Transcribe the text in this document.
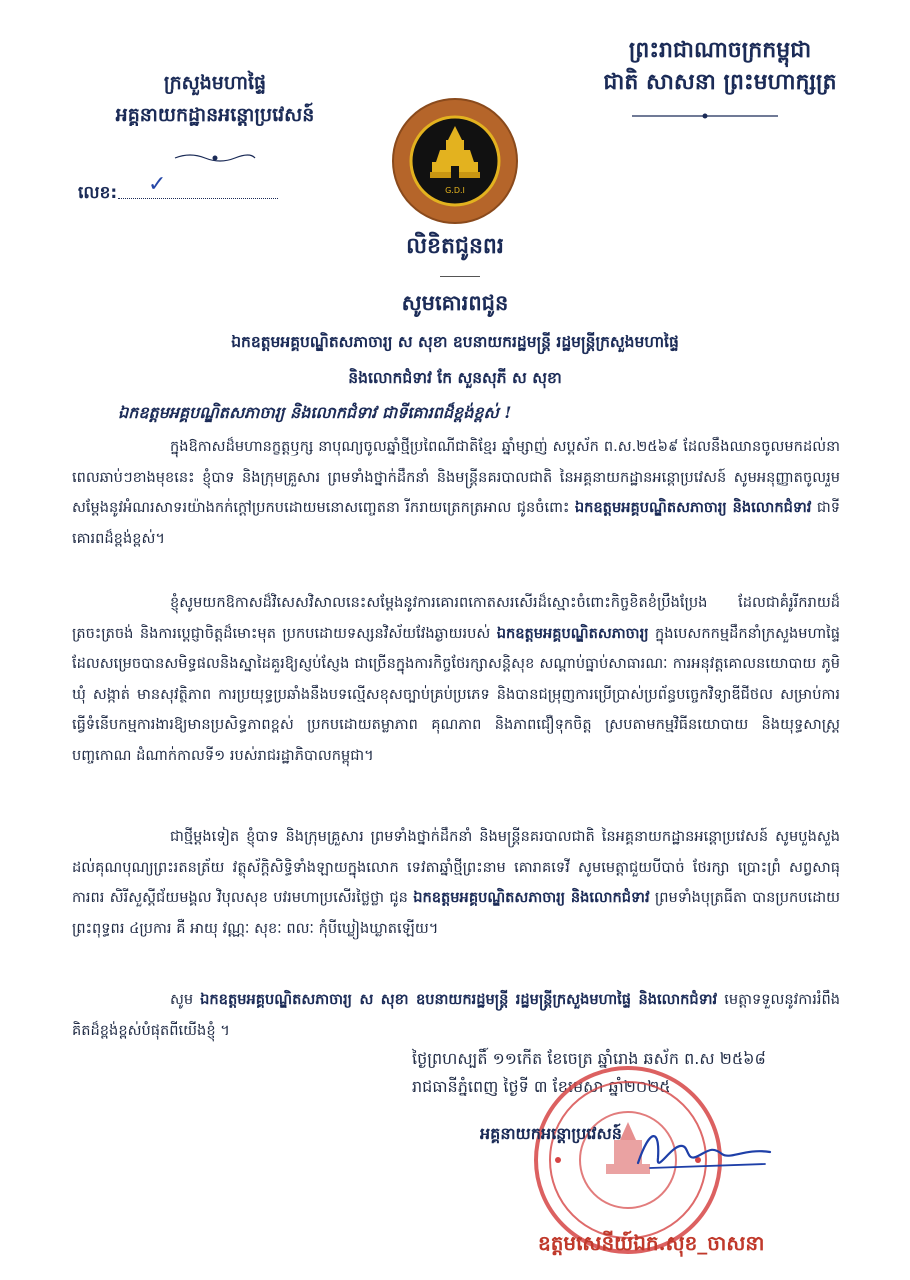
ព្រះរាជាណាចក្រកម្ពុជា
ជាតិ សាសនា ព្រះមហាក្សត្រ
ក្រសួងមហាផ្ទៃ
អគ្គនាយកដ្ឋានអន្តោប្រវេសន៍
លេខ: ✓	G.D.I
លិខិតជូនពរ
សូមគោរពជូន
ឯកឧត្តមអគ្គបណ្ឌិតសភាចារ្យ ស សុខា ឧបនាយករដ្ឋមន្ត្រី រដ្ឋមន្ត្រីក្រសួងមហាផ្ទៃ
និងលោកជំទាវ កែ សួនសុភី ស សុខា
ឯកឧត្តមអគ្គបណ្ឌិតសភាចារ្យ និងលោកជំទាវ ជាទីគោរពដ៏ខ្ពង់ខ្ពស់ !

ក្នុងឱកាសដ៏មហានក្ខត្តឫក្ស នាបុណ្យចូលឆ្នាំថ្មីប្រពៃណីជាតិខ្មែរ ឆ្នាំម្សាញ់ សប្តស័ក ព.ស.២៥៦៩ ដែលនឹងឈានចូលមកដល់នាពេលឆាប់ៗខាងមុខនេះ ខ្ញុំបាទ និងក្រុមគ្រួសារ ព្រមទាំងថ្នាក់ដឹកនាំ និងមន្ត្រីនគរបាលជាតិ នៃអគ្គនាយកដ្ឋានអន្តោប្រវេសន៍ សូមអនុញ្ញាតចូលរួមសម្តែងនូវអំណរសាទរយ៉ាងកក់ក្តៅប្រកបដោយមនោសញ្ចេតនា រីករាយត្រេកត្រអាល ជូនចំពោះ ឯកឧត្តមអគ្គបណ្ឌិតសភាចារ្យ និងលោកជំទាវ ជាទីគោរពដ៏ខ្ពង់ខ្ពស់។

ខ្ញុំសូមយកឱកាសដ៏វិសេសវិសាលនេះសម្តែងនូវការគោរពកោតសរសើរដ៏ស្មោះចំពោះកិច្ចខិតខំប្រឹងប្រែង ដែលជាគំរូរីករាយដ៏ត្រចះត្រចង់ និងការប្តេជ្ញាចិត្តដ៏មោះមុត ប្រកបដោយទស្សនវិស័យវែងឆ្ងាយរបស់ ឯកឧត្តមអគ្គបណ្ឌិតសភាចារ្យ ក្នុងបេសកកម្មដឹកនាំក្រសួងមហាផ្ទៃ ដែលសម្រេចបានសមិទ្ធផលនិងស្នាដៃគួរឱ្យស្ញប់ស្ញែង ជាច្រើនក្នុងការកិច្ចថែរក្សាសន្តិសុខ សណ្តាប់ធ្នាប់សាធារណៈ ការអនុវត្តគោលនយោបាយ ភូមិ ឃុំ សង្កាត់ មានសុវត្ថិភាព ការប្រយុទ្ធប្រឆាំងនឹងបទល្មើសខុសច្បាប់គ្រប់ប្រភេទ និងបានជម្រុញការប្រើប្រាស់ប្រព័ន្ធបច្ចេកវិទ្យាឌីជីថល សម្រាប់ការធ្វើទំនើបកម្មការងារឱ្យមានប្រសិទ្ធភាពខ្ពស់ ប្រកបដោយតម្លាភាព គុណភាព និងភាពជឿទុកចិត្ត ស្របតាមកម្មវិធីនយោបាយ និងយុទ្ធសាស្ត្របញ្ចកោណ ដំណាក់កាលទី១ របស់រាជរដ្ឋាភិបាលកម្ពុជា។

ជាថ្មីម្តងទៀត ខ្ញុំបាទ និងក្រុមគ្រួសារ ព្រមទាំងថ្នាក់ដឹកនាំ និងមន្ត្រីនគរបាលជាតិ នៃអគ្គនាយកដ្ឋានអន្តោប្រវេសន៍ សូមបួងសួងដល់គុណបុណ្យព្រះរតនត្រ័យ វត្ថុស័ក្តិសិទ្ធិទាំងឡាយក្នុងលោក ទេវតាឆ្នាំថ្មីព្រះនាម គោរាគទេវី សូមមេត្តាជួយបីបាច់ ថែរក្សា ប្រោះព្រំ សព្វសាធុការពរ សិរីសួស្តីជ័យមង្គល វិបុលសុខ បវរមហាប្រសើរថ្លៃថ្លា ជូន ឯកឧត្តមអគ្គបណ្ឌិតសភាចារ្យ និងលោកជំទាវ ព្រមទាំងបុត្រធីតា បានប្រកបដោយ ព្រះពុទ្ធពរ ៤ប្រការ គឺ អាយុ វណ្ណៈ សុខៈ ពលៈ កុំបីឃ្លៀងឃ្លាតឡើយ។

សូម ឯកឧត្តមអគ្គបណ្ឌិតសភាចារ្យ ស សុខា ឧបនាយករដ្ឋមន្ត្រី រដ្ឋមន្ត្រីក្រសួងមហាផ្ទៃ និងលោកជំទាវ មេត្តាទទួលនូវការរំពឹងគិតដ៏ខ្ពង់ខ្ពស់បំផុតពីយើងខ្ញុំ ។

ថ្ងៃព្រហស្បតិ៍ ១១កើត ខែចេត្រ ឆ្នាំរោង ឆស័ក ព.ស ២៥៦៨
រាជធានីភ្នំពេញ ថ្ងៃទី ៣ ខែមេសា ឆ្នាំ២០២៥
អគ្គនាយកអន្តោប្រវេសន៍
ឧត្តមសេនីយ៍ឯក.សុខ_ចាសនា
